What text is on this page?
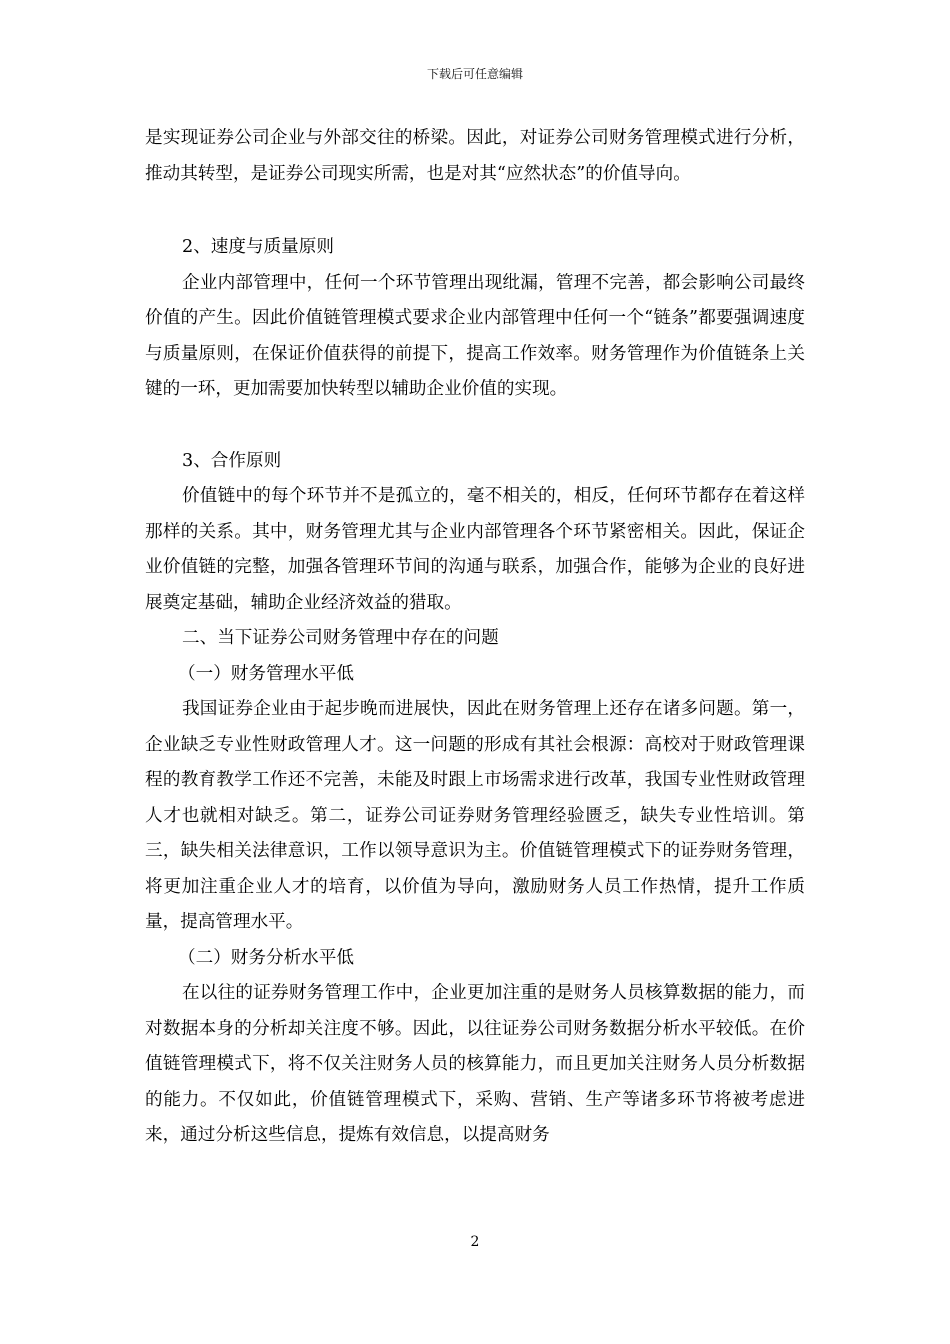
下载后可任意编辑

是实现证券公司企业与外部交往的桥梁。因此，对证券公司财务管理模式进行分析，推动其转型，是证券公司现实所需，也是对其“应然状态”的价值导向。

2、速度与质量原则

企业内部管理中，任何一个环节管理出现纰漏，管理不完善，都会影响公司最终价值的产生。因此价值链管理模式要求企业内部管理中任何一个“链条”都要强调速度与质量原则，在保证价值获得的前提下，提高工作效率。财务管理作为价值链条上关键的一环，更加需要加快转型以辅助企业价值的实现。

3、合作原则

价值链中的每个环节并不是孤立的，毫不相关的，相反，任何环节都存在着这样那样的关系。其中，财务管理尤其与企业内部管理各个环节紧密相关。因此，保证企业价值链的完整，加强各管理环节间的沟通与联系，加强合作，能够为企业的良好进展奠定基础，辅助企业经济效益的猎取。

二、当下证券公司财务管理中存在的问题

（一）财务管理水平低

我国证券企业由于起步晚而进展快，因此在财务管理上还存在诸多问题。第一，企业缺乏专业性财政管理人才。这一问题的形成有其社会根源：高校对于财政管理课程的教育教学工作还不完善，未能及时跟上市场需求进行改革，我国专业性财政管理人才也就相对缺乏。第二，证券公司证券财务管理经验匮乏，缺失专业性培训。第三，缺失相关法律意识，工作以领导意识为主。价值链管理模式下的证券财务管理，将更加注重企业人才的培育，以价值为导向，激励财务人员工作热情，提升工作质量，提高管理水平。

（二）财务分析水平低

在以往的证券财务管理工作中，企业更加注重的是财务人员核算数据的能力，而对数据本身的分析却关注度不够。因此，以往证券公司财务数据分析水平较低。在价值链管理模式下，将不仅关注财务人员的核算能力，而且更加关注财务人员分析数据的能力。不仅如此，价值链管理模式下，采购、营销、生产等诸多环节将被考虑进来，通过分析这些信息，提炼有效信息，以提高财务

2
